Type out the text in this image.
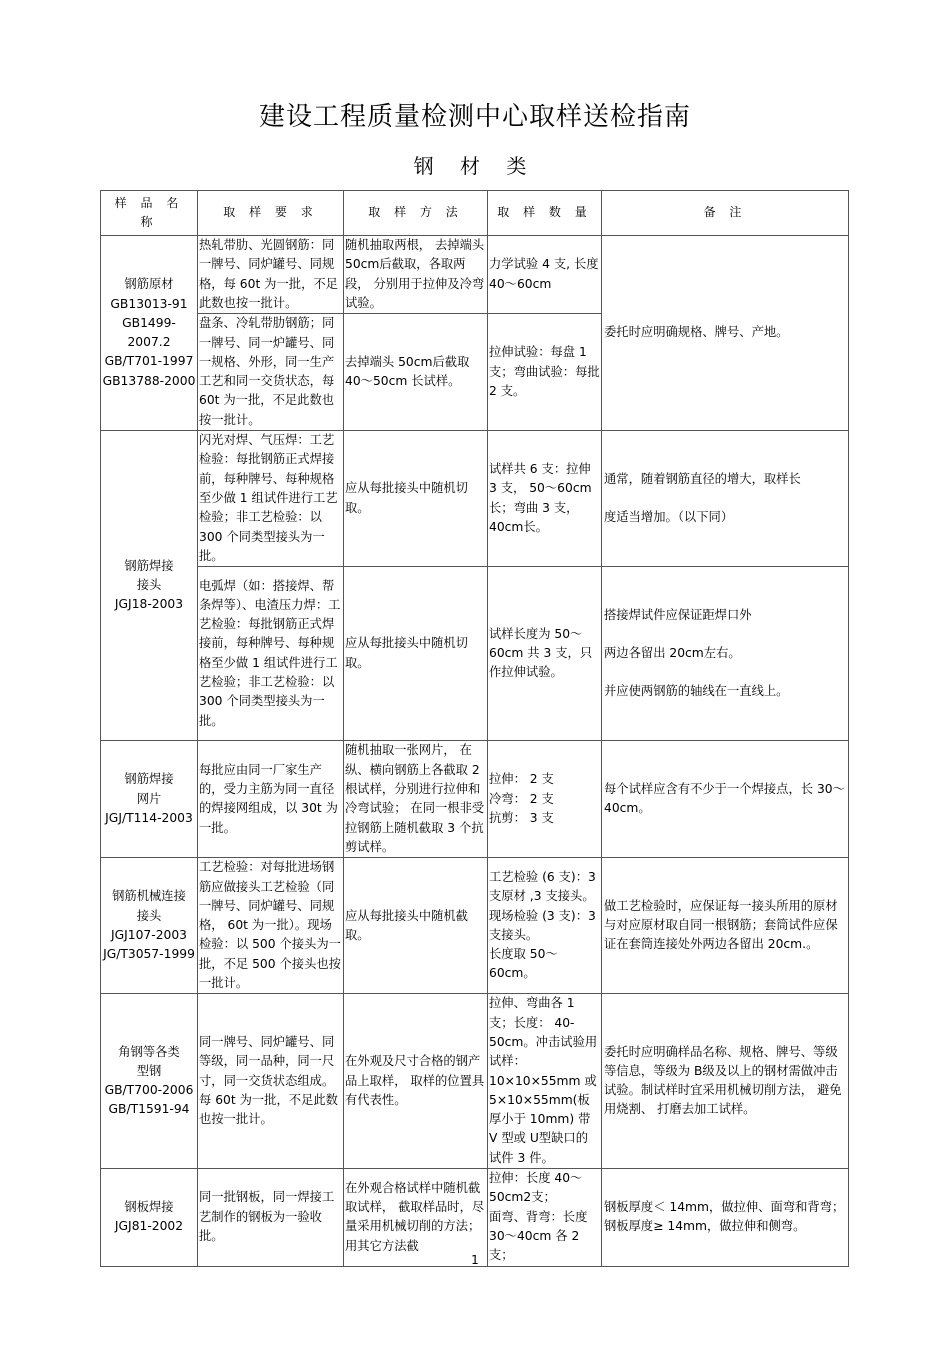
建设工程质量检测中心取样送检指南
钢 材 类
样 品 名 称	取 样 要 求	取 样 方 法	取 样 数 量	备 注

钢筋原材
GB13013-91
GB1499-2007.2
GB/T701-1997
GB13788-2000	热轧带肋、光圆钢筋：同一牌号、同炉罐号、同规格，每 60t 为一批，不足此数也按一批计。	随机抽取两根， 去掉端头 50cm后截取，各取两段， 分别用于拉伸及冷弯试验。	力学试验 4 支, 长度 40～60cm	委托时应明确规格、牌号、产地。
	盘条、冷轧带肋钢筋；同一牌号、同一炉罐号、同一规格、外形，同一生产工艺和同一交货状态，每 60t 为一批，不足此数也按一批计。	去掉端头 50cm后截取 40～50cm 长试样。	拉伸试验：每盘 1 支；弯曲试验：每批 2 支。	

钢筋焊接
接头
JGJ18-2003	闪光对焊、气压焊：工艺检验：每批钢筋正式焊接前，每种牌号、每种规格至少做 1 组试件进行工艺检验；非工艺检验：以 300 个同类型接头为一批。	应从每批接头中随机切取。	试样共 6 支：拉伸 3 支， 50～60cm 长；弯曲 3 支， 40cm长。	通常，随着钢筋直径的增大，取样长
度适当增加。（以下同）

	电弧焊（如：搭接焊、帮条焊等）、电渣压力焊：工艺检验：每批钢筋正式焊接前，每种牌号、每种规格至少做 1 组试件进行工艺检验；非工艺检验：以 300 个同类型接头为一批。	应从每批接头中随机切取。	试样长度为 50～60cm 共 3 支，只作拉伸试验。	搭接焊试件应保证距焊口外
两边各留出 20cm左右。
并应使两钢筋的轴线在一直线上。

钢筋焊接
网片
JGJ/T114-2003	每批应由同一厂家生产的，受力主筋为同一直径的焊接网组成，以 30t 为一批。	随机抽取一张网片， 在纵、横向钢筋上各截取 2 根试样，分别进行拉伸和冷弯试验； 在同一根非受拉钢筋上随机截取 3 个抗剪试样。	拉伸： 2 支
冷弯： 2 支
抗剪： 3 支	每个试样应含有不少于一个焊接点，长 30～40cm。

钢筋机械连接
接头
JGJ107-2003
JG/T3057-1999	工艺检验：对每批进场钢筋应做接头工艺检验（同一牌号、同炉罐号、同规格， 60t 为一批）。现场检验：以 500 个接头为一批，不足 500 个接头也按一批计。	应从每批接头中随机截取。	工艺检验 (6 支)：3 支原材 ,3 支接头。
现场检验 (3 支)：3 支接头。
长度取 50～60cm。	做工艺检验时，应保证每一接头所用的原材与对应原材取自同一根钢筋；套筒试件应保证在套筒连接处外两边各留出 20cm.。

角钢等各类
型钢
GB/T700-2006
GB/T1591-94	同一牌号、同炉罐号、同等级，同一品种，同一尺寸，同一交货状态组成。每 60t 为一批，不足此数也按一批计。	在外观及尺寸合格的钢产品上取样， 取样的位置具有代表性。	拉伸、弯曲各 1 支；长度： 40-50cm。冲击试验用试样：10×10×55mm 或 5×10×55mm(板厚小于 10mm) 带 V 型或 U型缺口的试件 3 件。	委托时应明确样品名称、规格、牌号、等级等信息，等级为 B级及以上的钢材需做冲击试验。制试样时宜采用机械切削方法， 避免用烧割、 打磨去加工试样。

钢板焊接
JGJ81-2002	同一批钢板，同一焊接工艺制作的钢板为一验收批。	在外观合格试样中随机截取试样， 截取样品时，尽量采用机械切削的方法； 用其它方法截	拉伸：长度 40～50cm2支；
面弯、背弯：长度 30～40cm 各 2 支；	钢板厚度＜ 14mm，做拉伸、面弯和背弯；
钢板厚度≥ 14mm，做拉伸和侧弯。
1
